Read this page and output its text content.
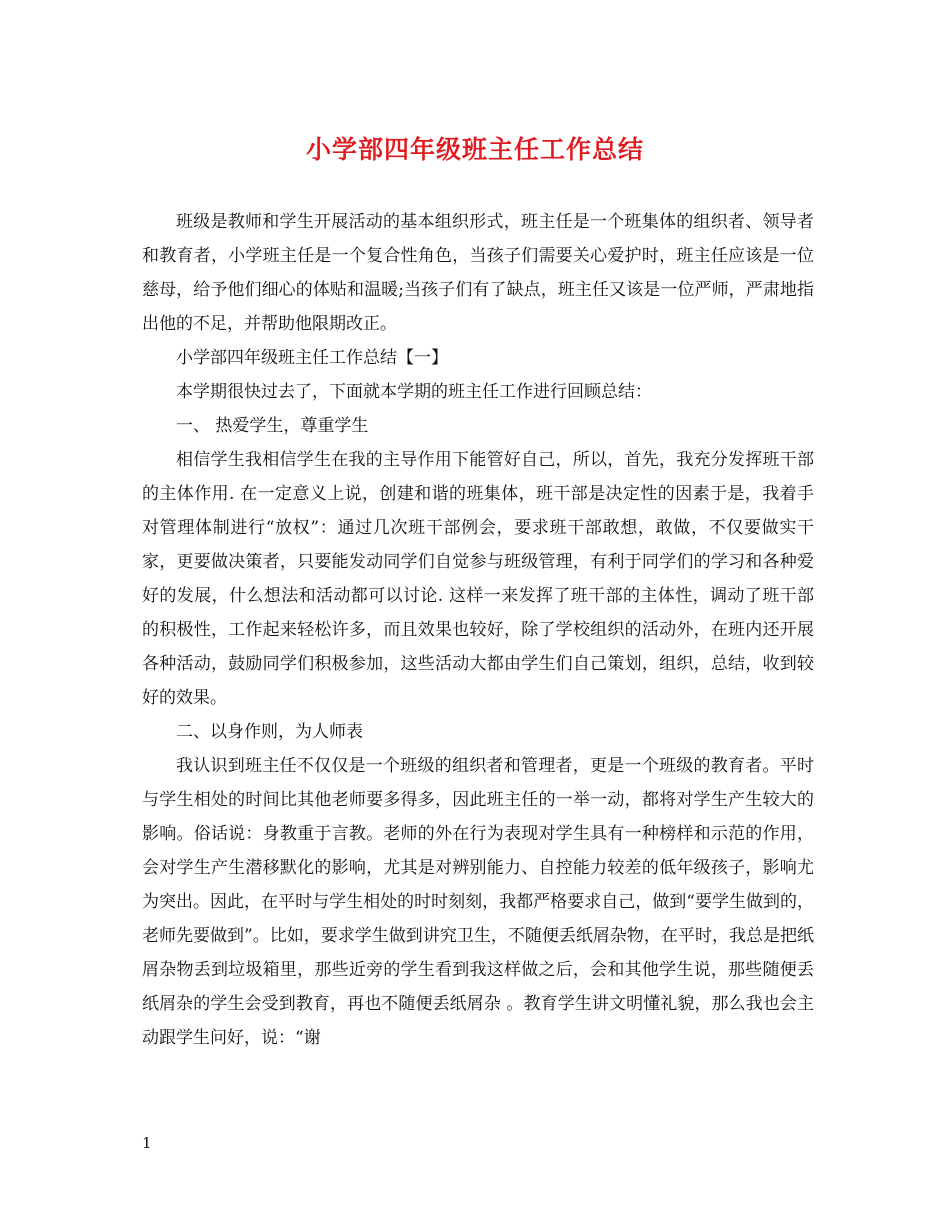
小学部四年级班主任工作总结

班级是教师和学生开展活动的基本组织形式，班主任是一个班集体的组织者、领导者和教育者，小学班主任是一个复合性角色，当孩子们需要关心爱护时，班主任应该是一位慈母，给予他们细心的体贴和温暖;当孩子们有了缺点，班主任又该是一位严师，严肃地指出他的不足，并帮助他限期改正。

小学部四年级班主任工作总结【一】

本学期很快过去了，下面就本学期的班主任工作进行回顾总结：

一、 热爱学生，尊重学生

相信学生我相信学生在我的主导作用下能管好自己，所以，首先，我充分发挥班干部的主体作用. 在一定意义上说，创建和谐的班集体，班干部是决定性的因素于是，我着手对管理体制进行“放权”：通过几次班干部例会，要求班干部敢想，敢做，不仅要做实干家，更要做决策者，只要能发动同学们自觉参与班级管理，有利于同学们的学习和各种爱好的发展，什么想法和活动都可以讨论. 这样一来发挥了班干部的主体性，调动了班干部的积极性，工作起来轻松许多，而且效果也较好，除了学校组织的活动外，在班内还开展各种活动，鼓励同学们积极参加，这些活动大都由学生们自己策划，组织，总结，收到较好的效果。

二、以身作则，为人师表

我认识到班主任不仅仅是一个班级的组织者和管理者，更是一个班级的教育者。平时与学生相处的时间比其他老师要多得多，因此班主任的一举一动，都将对学生产生较大的影响。俗话说：身教重于言教。老师的外在行为表现对学生具有一种榜样和示范的作用，会对学生产生潜移默化的影响，尤其是对辨别能力、自控能力较差的低年级孩子，影响尤为突出。因此，在平时与学生相处的时时刻刻，我都严格要求自己，做到“要学生做到的，老师先要做到”。比如，要求学生做到讲究卫生，不随便丢纸屑杂物，在平时，我总是把纸屑杂物丢到垃圾箱里，那些近旁的学生看到我这样做之后，会和其他学生说，那些随便丢纸屑杂的学生会受到教育，再也不随便丢纸屑杂 。教育学生讲文明懂礼貌，那么我也会主动跟学生问好，说：“谢

1
